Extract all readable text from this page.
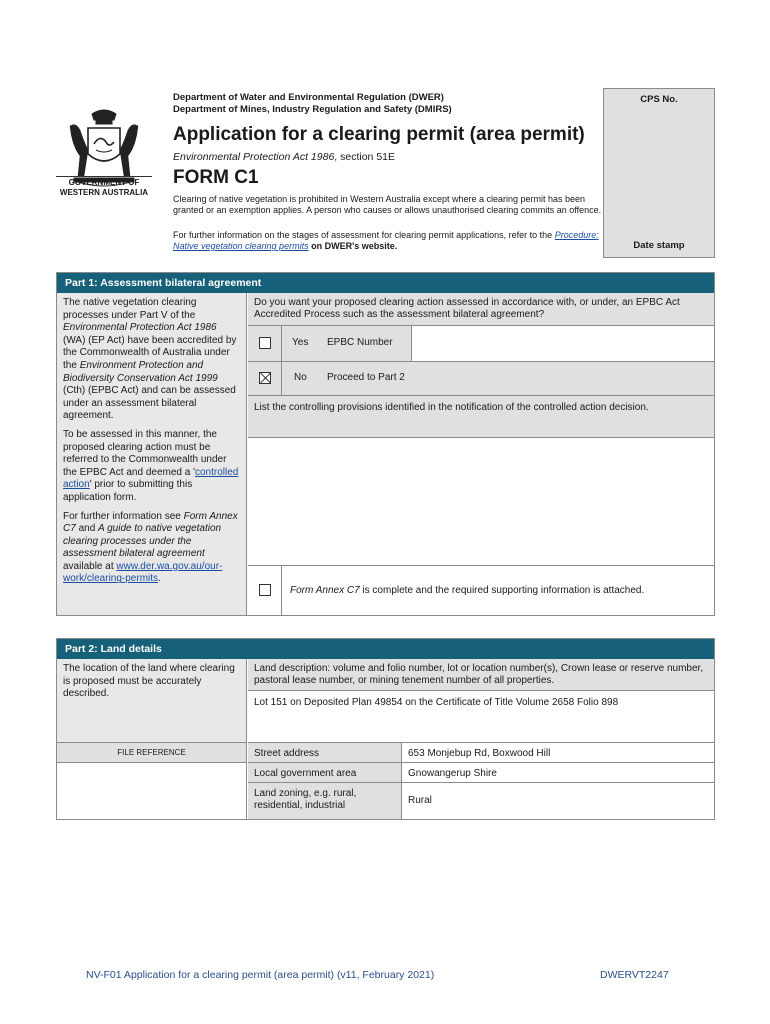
GOVERNMENT OF
WESTERN AUSTRALIA
Department of Water and Environmental Regulation (DWER)
Department of Mines, Industry Regulation and Safety (DMIRS)
Application for a clearing permit (area permit)
Environmental Protection Act 1986, section 51E
FORM C1
Clearing of native vegetation is prohibited in Western Australia except where a clearing permit has been granted or an exemption applies. A person who causes or allows unauthorised clearing commits an offence.
For further information on the stages of assessment for clearing permit applications, refer to the Procedure: Native vegetation clearing permits on DWER's website.
CPS No.
Date stamp
Part 1: Assessment bilateral agreement

The native vegetation clearing processes under Part V of the Environmental Protection Act 1986 (WA) (EP Act) have been accredited by the Commonwealth of Australia under the Environment Protection and Biodiversity Conservation Act 1999 (Cth) (EPBC Act) and can be assessed under an assessment bilateral agreement.

To be assessed in this manner, the proposed clearing action must be referred to the Commonwealth under the EPBC Act and deemed a 'controlled action' prior to submitting this application form.

For further information see Form Annex C7 and A guide to native vegetation clearing processes under the assessment bilateral agreement available at www.der.wa.gov.au/our-work/clearing-permits.

Do you want your proposed clearing action assessed in accordance with, or under, an EPBC Act Accredited Process such as the assessment bilateral agreement?
Yes EPBC Number
No Proceed to Part 2
List the controlling provisions identified in the notification of the controlled action decision.
Form Annex C7 is complete and the required supporting information is attached.
Part 2: Land details
The location of the land where clearing is proposed must be accurately described.
Land description: volume and folio number, lot or location number(s), Crown lease or reserve number, pastoral lease number, or mining tenement number of all properties.
Lot 151 on Deposited Plan 49854 on the Certificate of Title Volume 2658 Folio 898
FILE REFERENCE	Street address	653 Monjebup Rd, Boxwood Hill
Local government area	Gnowangerup Shire
Land zoning, e.g. rural, residential, industrial	Rural
NV-F01 Application for a clearing permit (area permit) (v11, February 2021)	DWERVT2247
